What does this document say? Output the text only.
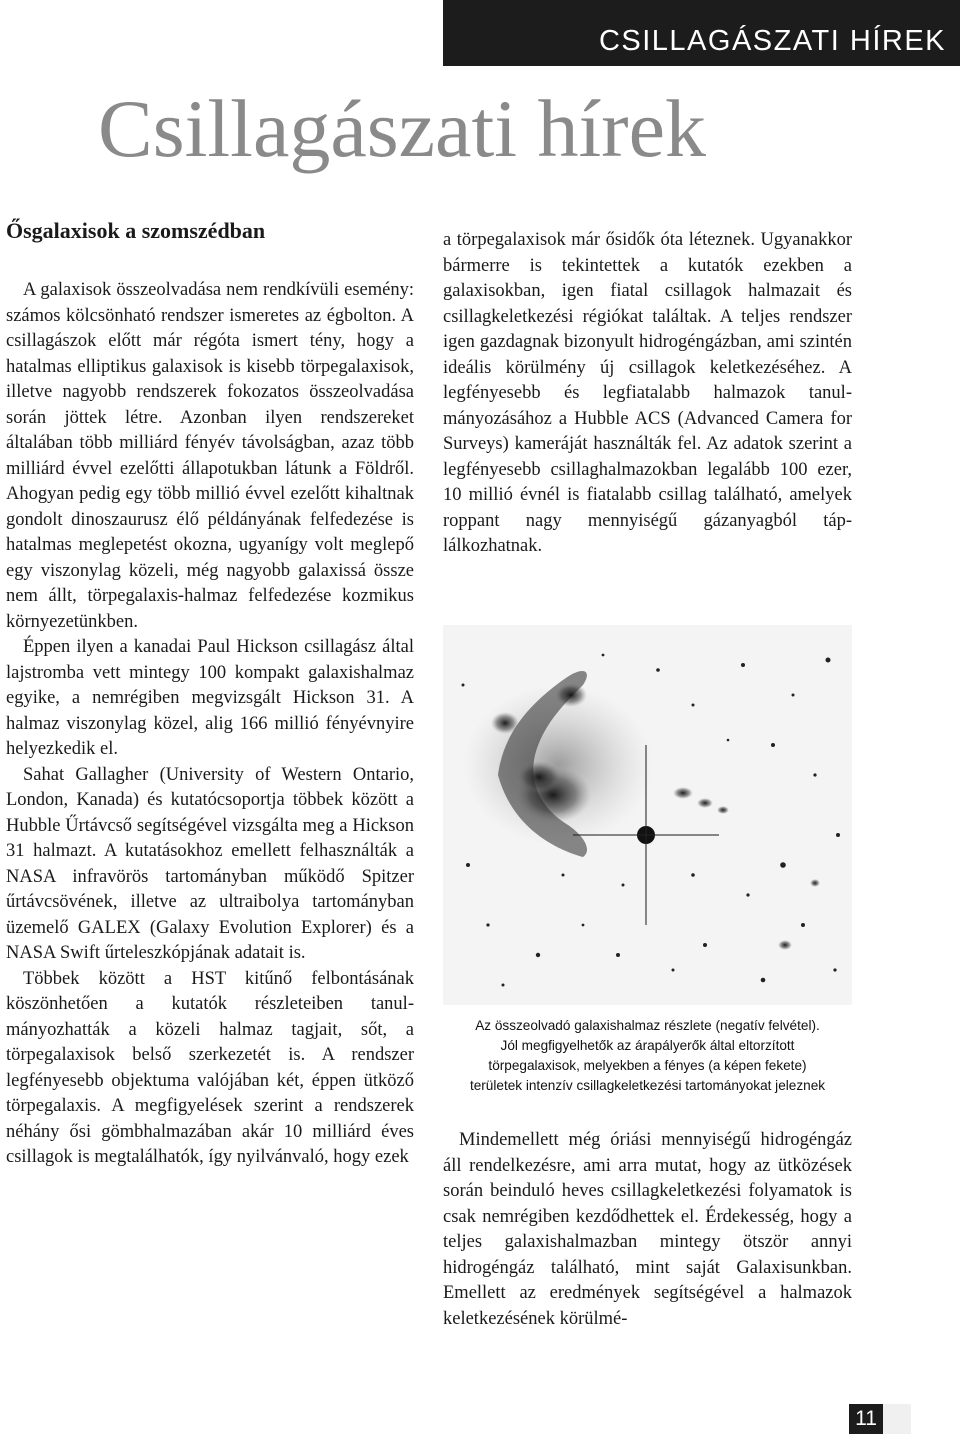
CSILLAGÁSZATI HÍREK
Csillagászati hírek
Ősgalaxisok a szomszédban

A galaxisok összeolvadása nem rendkívüli esemény: számos kölcsönható rendszer ismeretes az égbolton. A csillagászok előtt már régóta ismert tény, hogy a hatalmas elliptikus galaxisok is kisebb törpegalaxisok, illetve nagyobb rendszerek fokozatos összeolvadása során jöttek létre. Azonban ilyen rendszereket általában több milliárd fényév távolságban, azaz több milliárd évvel ezelőtti állapotukban látunk a Földről. Ahogyan pedig egy több millió évvel ezelőtt kihaltnak gondolt dinoszaurusz élő példányának felfedezése is hatalmas meglepetést okozna, ugyanígy volt meglepő egy viszonylag közeli, még nagyobb galaxissá össze nem állt, törpegalaxis-halmaz felfedezése kozmikus környezetünkben.

Éppen ilyen a kanadai Paul Hickson csillagász által lajstromba vett mintegy 100 kompakt galaxishalmaz egyike, a nemrégiben megvizsgált Hickson 31. A halmaz viszonylag közel, alig 166 millió fényévnyire helyezkedik el.

Sahat Gallagher (University of Western Ontario, London, Kanada) és kutatócsoportja többek között a Hubble Űrtávcső segítségével vizsgálta meg a Hickson 31 halmazt. A kutatásokhoz emellett felhasználták a NASA infravörös tartományban működő Spitzer űrtávcsövének, illetve az ultraibolya tartományban üzemelő GALEX (Galaxy Evolution Explorer) és a NASA Swift űrteleszkópjának adatait is.

Többek között a HST kitűnő felbontásának köszönhetően a kutatók részleteiben tanulmányozhatták a közeli halmaz tagjait, sőt, a törpegalaxisok belső szerkezetét is. A rendszer legfényesebb objektuma valójában két, éppen ütköző törpegalaxis. A megfigyelések szerint a rendszerek néhány ősi gömbhalmazában akár 10 milliárd éves csillagok is megtalálhatók, így nyilvánvaló, hogy ezek

a törpegalaxisok már ősidők óta léteznek. Ugyanakkor bármerre is tekintettek a kutatók ezekben a galaxisokban, igen fiatal csillagok halmazait és csillagkeletkezési régiókat találtak. A teljes rendszer igen gazdagnak bizonyult hidrogéngázban, ami szintén ideális körülmény új csillagok keletkezéséhez. A legfényesebb és legfiatalabb halmazok tanulmányozásához a Hubble ACS (Advanced Camera for Surveys) kameráját használták fel. Az adatok szerint a legfényesebb csillaghalmazokban legalább 100 ezer, 10 millió évnél is fiatalabb csillag található, amelyek roppant nagy mennyiségű gázanyagból táplálkozhatnak.

Az összeolvadó galaxishalmaz részlete (negatív felvétel).

Jól megfigyelhetők az árapályerők által eltorzított

törpegalaxisok, melyekben a fényes (a képen fekete)

területek intenzív csillagkeletkezési tartományokat jeleznek

Mindemellett még óriási mennyiségű hidrogéngáz áll rendelkezésre, ami arra mutat, hogy az ütközések során beinduló heves csillagkeletkezési folyamatok is csak nemrégiben kezdődhettek el. Érdekesség, hogy a teljes galaxishalmazban mintegy ötször annyi hidrogéngáz található, mint saját Galaxisunkban. Emellett az eredmények segítségével a halmazok keletkezésének körülmé-

11
